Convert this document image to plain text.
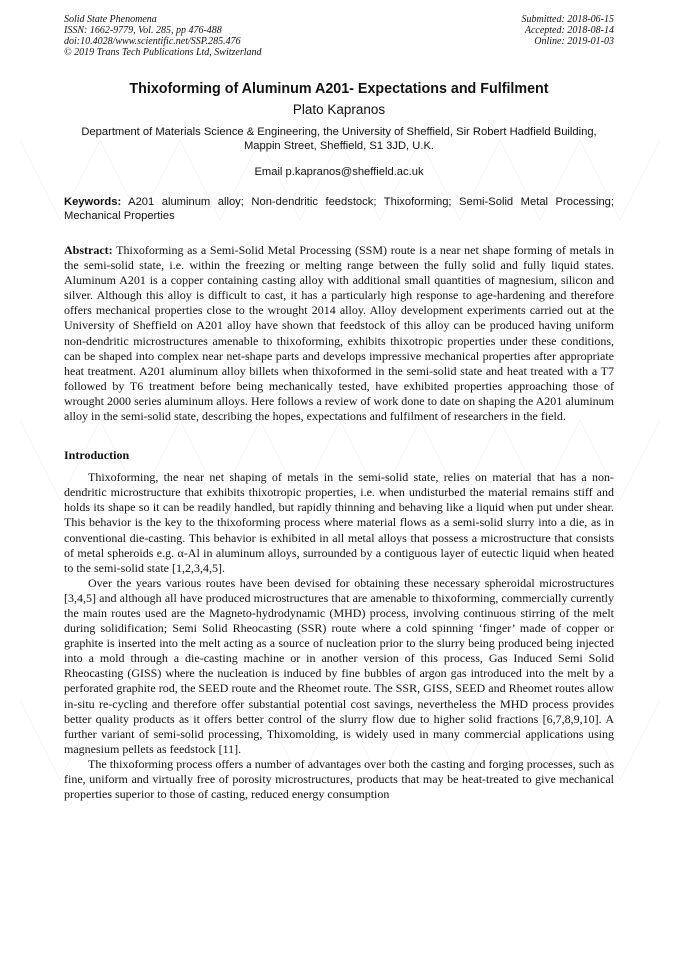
Solid State Phenomena
ISSN: 1662-9779, Vol. 285, pp 476-488
doi:10.4028/www.scientific.net/SSP.285.476
© 2019 Trans Tech Publications Ltd, Switzerland
Submitted: 2018-06-15
Accepted: 2018-08-14
Online: 2019-01-03
Thixoforming of Aluminum A201- Expectations and Fulfilment
Plato Kapranos
Department of Materials Science & Engineering, the University of Sheffield, Sir Robert Hadfield Building, Mappin Street, Sheffield, S1 3JD, U.K.
Email p.kapranos@sheffield.ac.uk
Keywords: A201 aluminum alloy; Non-dendritic feedstock; Thixoforming; Semi-Solid Metal Processing; Mechanical Properties
Abstract: Thixoforming as a Semi-Solid Metal Processing (SSM) route is a near net shape forming of metals in the semi-solid state, i.e. within the freezing or melting range between the fully solid and fully liquid states. Aluminum A201 is a copper containing casting alloy with additional small quantities of magnesium, silicon and silver. Although this alloy is difficult to cast, it has a particularly high response to age-hardening and therefore offers mechanical properties close to the wrought 2014 alloy. Alloy development experiments carried out at the University of Sheffield on A201 alloy have shown that feedstock of this alloy can be produced having uniform non-dendritic microstructures amenable to thixoforming, exhibits thixotropic properties under these conditions, can be shaped into complex near net-shape parts and develops impressive mechanical properties after appropriate heat treatment. A201 aluminum alloy billets when thixoformed in the semi-solid state and heat treated with a T7 followed by T6 treatment before being mechanically tested, have exhibited properties approaching those of wrought 2000 series aluminum alloys. Here follows a review of work done to date on shaping the A201 aluminum alloy in the semi-solid state, describing the hopes, expectations and fulfilment of researchers in the field.
Introduction

Thixoforming, the near net shaping of metals in the semi-solid state, relies on material that has a non-dendritic microstructure that exhibits thixotropic properties, i.e. when undisturbed the material remains stiff and holds its shape so it can be readily handled, but rapidly thinning and behaving like a liquid when put under shear. This behavior is the key to the thixoforming process where material flows as a semi-solid slurry into a die, as in conventional die-casting. This behavior is exhibited in all metal alloys that possess a microstructure that consists of metal spheroids e.g. α-Al in aluminum alloys, surrounded by a contiguous layer of eutectic liquid when heated to the semi-solid state [1,2,3,4,5].

Over the years various routes have been devised for obtaining these necessary spheroidal microstructures [3,4,5] and although all have produced microstructures that are amenable to thixoforming, commercially currently the main routes used are the Magneto-hydrodynamic (MHD) process, involving continuous stirring of the melt during solidification; Semi Solid Rheocasting (SSR) route where a cold spinning ‘finger’ made of copper or graphite is inserted into the melt acting as a source of nucleation prior to the slurry being produced being injected into a mold through a die-casting machine or in another version of this process, Gas Induced Semi Solid Rheocasting (GISS) where the nucleation is induced by fine bubbles of argon gas introduced into the melt by a perforated graphite rod, the SEED route and the Rheomet route. The SSR, GISS, SEED and Rheomet routes allow in-situ re-cycling and therefore offer substantial potential cost savings, nevertheless the MHD process provides better quality products as it offers better control of the slurry flow due to higher solid fractions [6,7,8,9,10]. A further variant of semi-solid processing, Thixomolding, is widely used in many commercial applications using magnesium pellets as feedstock [11].

The thixoforming process offers a number of advantages over both the casting and forging processes, such as fine, uniform and virtually free of porosity microstructures, products that may be heat-treated to give mechanical properties superior to those of casting, reduced energy consumption
